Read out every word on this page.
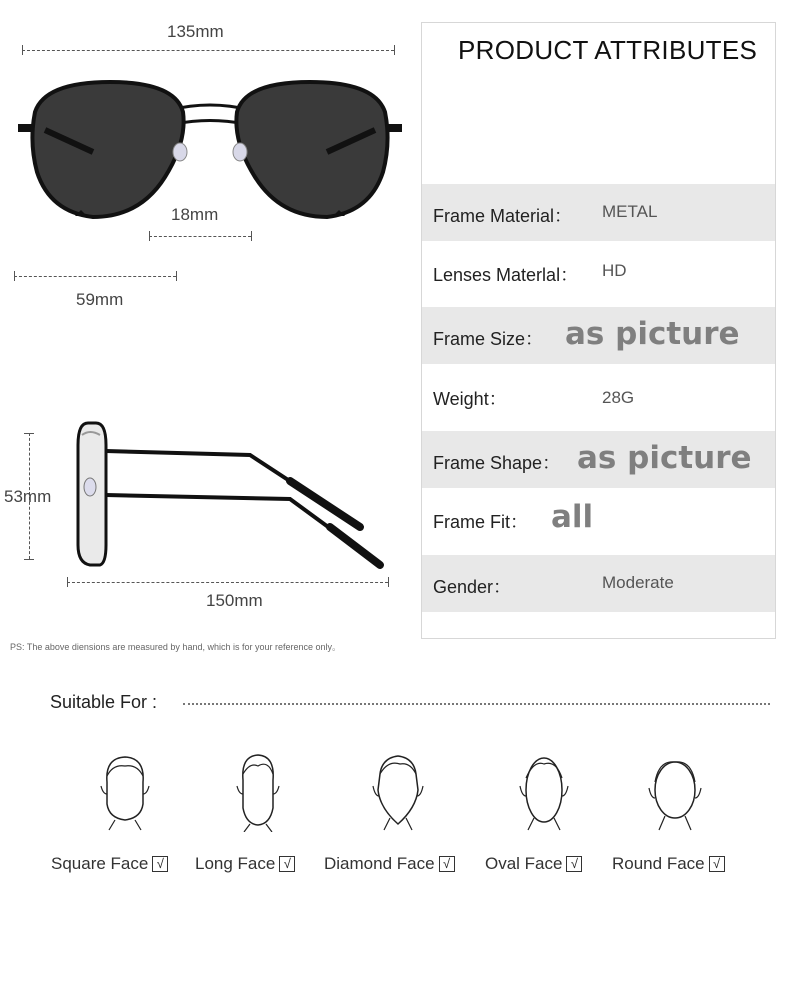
135mm
18mm
59mm
53mm
150mm
PRODUCT ATTRIBUTES
Frame Material： METAL
Lenses Materlal： HD
Frame Size： as picture
Weight：	28G
Frame Shape： as picture
Frame Fit： all
Gender：	Moderate
PS: The above diensions are measured by hand, which is for your reference only。
Suitable For :
Square Face √ Long Face √ Diamond Face √ Oval Face √ Round Face √
